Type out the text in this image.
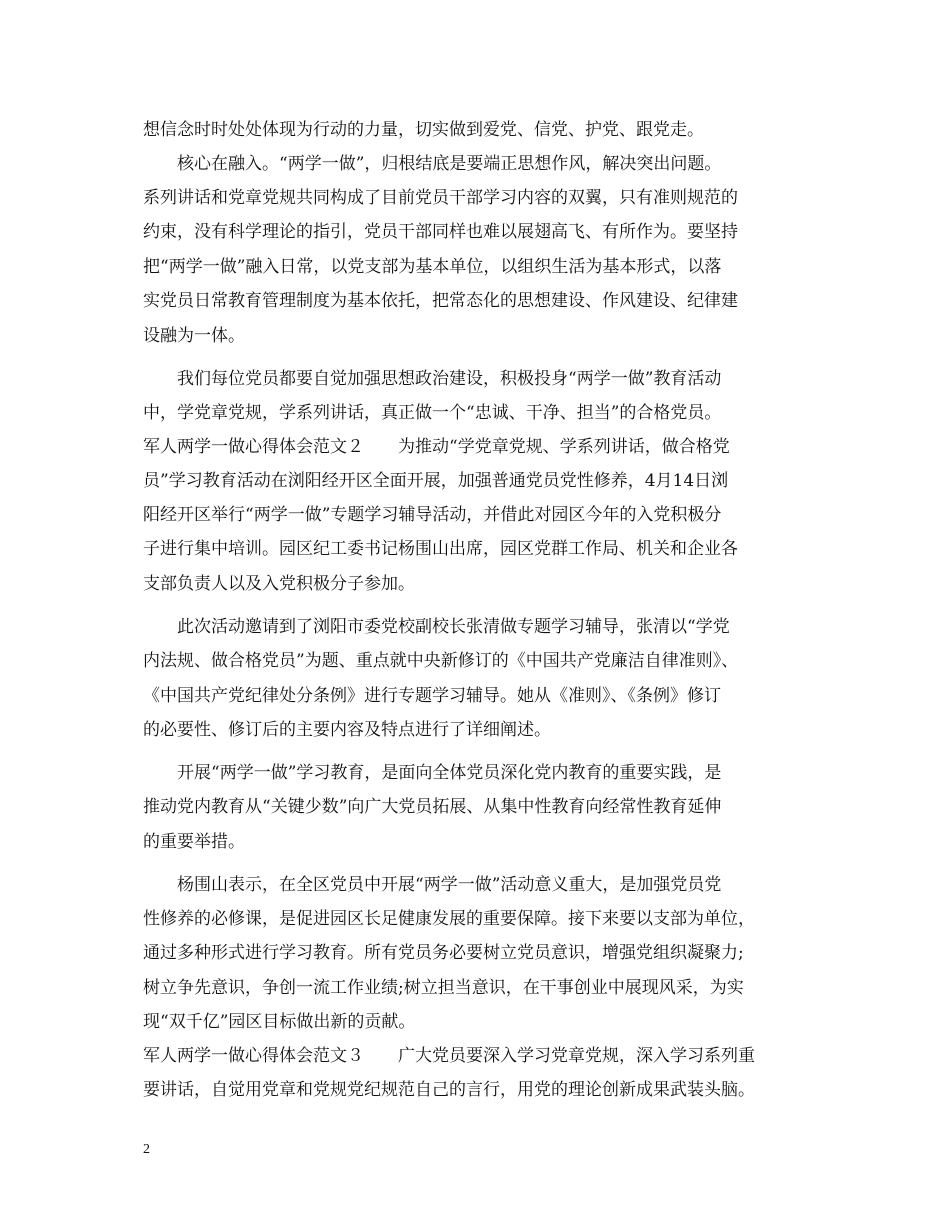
想信念时时处处体现为行动的力量，切实做到爱党、信党、护党、跟党走。
　　核心在融入。“两学一做”，归根结底是要端正思想作风，解决突出问题。
系列讲话和党章党规共同构成了目前党员干部学习内容的双翼，只有准则规范的
约束，没有科学理论的指引，党员干部同样也难以展翅高飞、有所作为。要坚持
把“两学一做”融入日常，以党支部为基本单位，以组织生活为基本形式，以落
实党员日常教育管理制度为基本依托，把常态化的思想建设、作风建设、纪律建
设融为一体。
　　我们每位党员都要自觉加强思想政治建设，积极投身“两学一做”教育活动
中，学党章党规，学系列讲话，真正做一个“忠诚、干净、担当”的合格党员。
军人两学一做心得体会范文２　　为推动“学党章党规、学系列讲话，做合格党
员”学习教育活动在浏阳经开区全面开展，加强普通党员党性修养，4月14日浏
阳经开区举行“两学一做”专题学习辅导活动，并借此对园区今年的入党积极分
子进行集中培训。园区纪工委书记杨围山出席，园区党群工作局、机关和企业各
支部负责人以及入党积极分子参加。
　　此次活动邀请到了浏阳市委党校副校长张清做专题学习辅导，张清以“学党
内法规、做合格党员”为题、重点就中央新修订的《中国共产党廉洁自律准则》、
《中国共产党纪律处分条例》进行专题学习辅导。她从《准则》、《条例》修订
的必要性、修订后的主要内容及特点进行了详细阐述。
　　开展“两学一做”学习教育，是面向全体党员深化党内教育的重要实践，是
推动党内教育从“关键少数”向广大党员拓展、从集中性教育向经常性教育延伸
的重要举措。
　　杨围山表示，在全区党员中开展“两学一做”活动意义重大，是加强党员党
性修养的必修课，是促进园区长足健康发展的重要保障。接下来要以支部为单位，
通过多种形式进行学习教育。所有党员务必要树立党员意识，增强党组织凝聚力;
树立争先意识，争创一流工作业绩;树立担当意识，在干事创业中展现风采，为实
现“双千亿”园区目标做出新的贡献。
军人两学一做心得体会范文３　　广大党员要深入学习党章党规，深入学习系列重
要讲话，自觉用党章和党规党纪规范自己的言行，用党的理论创新成果武装头脑。
2
